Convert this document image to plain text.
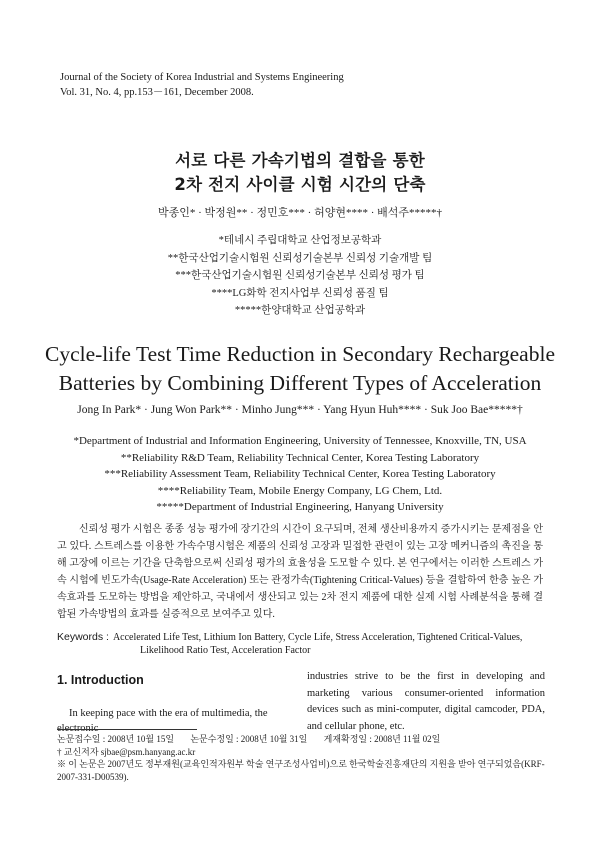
Journal of the Society of Korea Industrial and Systems Engineering
Vol. 31, No. 4, pp.153－161, December 2008.
서로 다른 가속기법의 결합을 통한
2차 전지 사이클 시험 시간의 단축
박종인* · 박정원** · 정민호*** · 허양현**** · 배석주*****†
*테네시 주립대학교 산업정보공학과
**한국산업기술시험원 신뢰성기술본부 신뢰성 기술개발 팀
***한국산업기술시험원 신뢰성기술본부 신뢰성 평가 팀
****LG화학 전지사업부 신뢰성 품질 팀
*****한양대학교 산업공학과
Cycle-life Test Time Reduction in Secondary Rechargeable
Batteries by Combining Different Types of Acceleration
Jong In Park* · Jung Won Park** · Minho Jung*** · Yang Hyun Huh**** · Suk Joo Bae*****†
*Department of Industrial and Information Engineering, University of Tennessee, Knoxville, TN, USA
**Reliability R&D Team, Reliability Technical Center, Korea Testing Laboratory
***Reliability Assessment Team, Reliability Technical Center, Korea Testing Laboratory
****Reliability Team, Mobile Energy Company, LG Chem, Ltd.
*****Department of Industrial Engineering, Hanyang University

신뢰성 평가 시험은 종종 성능 평가에 장기간의 시간이 요구되며, 전체 생산비용까지 증가시키는 문제점을 안고 있다. 스트레스를 이용한 가속수명시험은 제품의 신뢰성 고장과 밀접한 관련이 있는 고장 메커니즘의 촉진을 통해 고장에 이르는 기간을 단축함으로써 신뢰성 평가의 효율성을 도모할 수 있다. 본 연구에서는 이러한 스트레스 가속 시험에 빈도가속(Usage-Rate Acceleration) 또는 관정가속(Tightening Critical-Values) 등을 결합하여 한층 높은 가속효과를 도모하는 방법을 제안하고, 국내에서 생산되고 있는 2차 전지 제품에 대한 실제 시험 사례분석을 통해 결합된 가속방법의 효과를 실증적으로 보여주고 있다.

Keywords : Accelerated Life Test, Lithium Ion Battery, Cycle Life, Stress Acceleration, Tightened Critical-Values,
Likelihood Ratio Test, Acceleration Factor
1. Introduction

In keeping pace with the era of multimedia, the electronic

industries strive to be the first in developing and marketing various consumer-oriented information devices such as mini-computer, digital camcoder, PDA, and cellular phone, etc.

논문접수일 : 2008년 10월 15일 논문수정일 : 2008년 10월 31일 게재확정일 : 2008년 11월 02일
† 교신저자 sjbae@psm.hanyang.ac.kr
※ 이 논문은 2007년도 정부재원(교육인적자원부 학술 연구조성사업비)으로 한국학술진흥재단의 지원을 받아 연구되었음(KRF-2007-331-D00539).
